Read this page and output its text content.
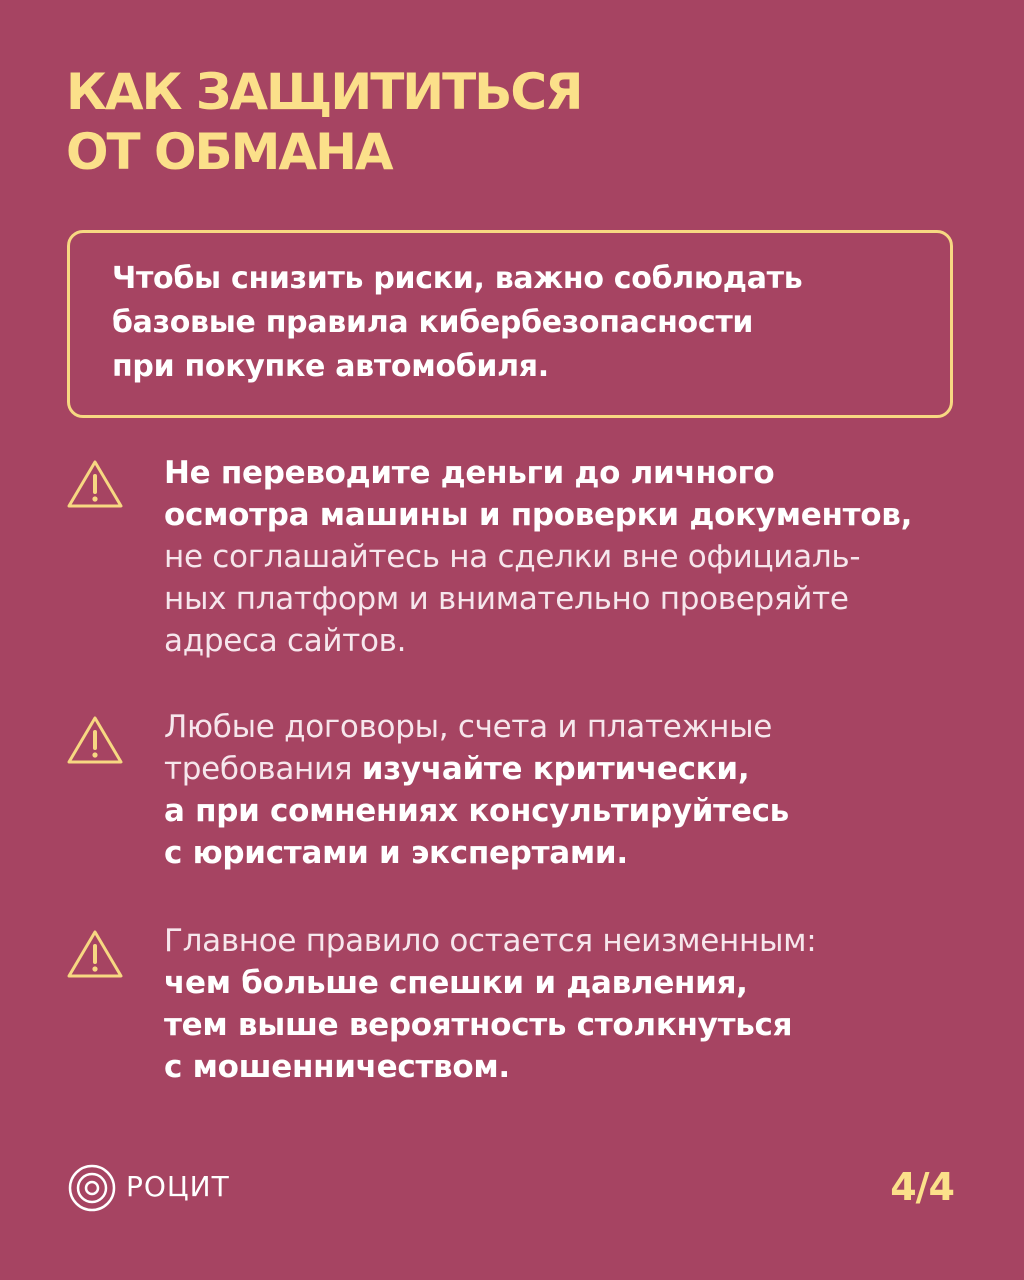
КАК ЗАЩИТИТЬСЯ
ОТ ОБМАНА
Чтобы снизить риски, важно соблюдать
базовые правила кибербезопасности
при покупке автомобиля.
Не переводите деньги до личного
осмотра машины и проверки документов,
не соглашайтесь на сделки вне официаль-
ных платформ и внимательно проверяйте
адреса сайтов.
Любые договоры, счета и платежные
требования изучайте критически,
а при сомнениях консультируйтесь
с юристами и экспертами.
Главное правило остается неизменным:
чем больше спешки и давления,
тем выше вероятность столкнуться
с мошенничеством.
РОЦИТ	4/4
